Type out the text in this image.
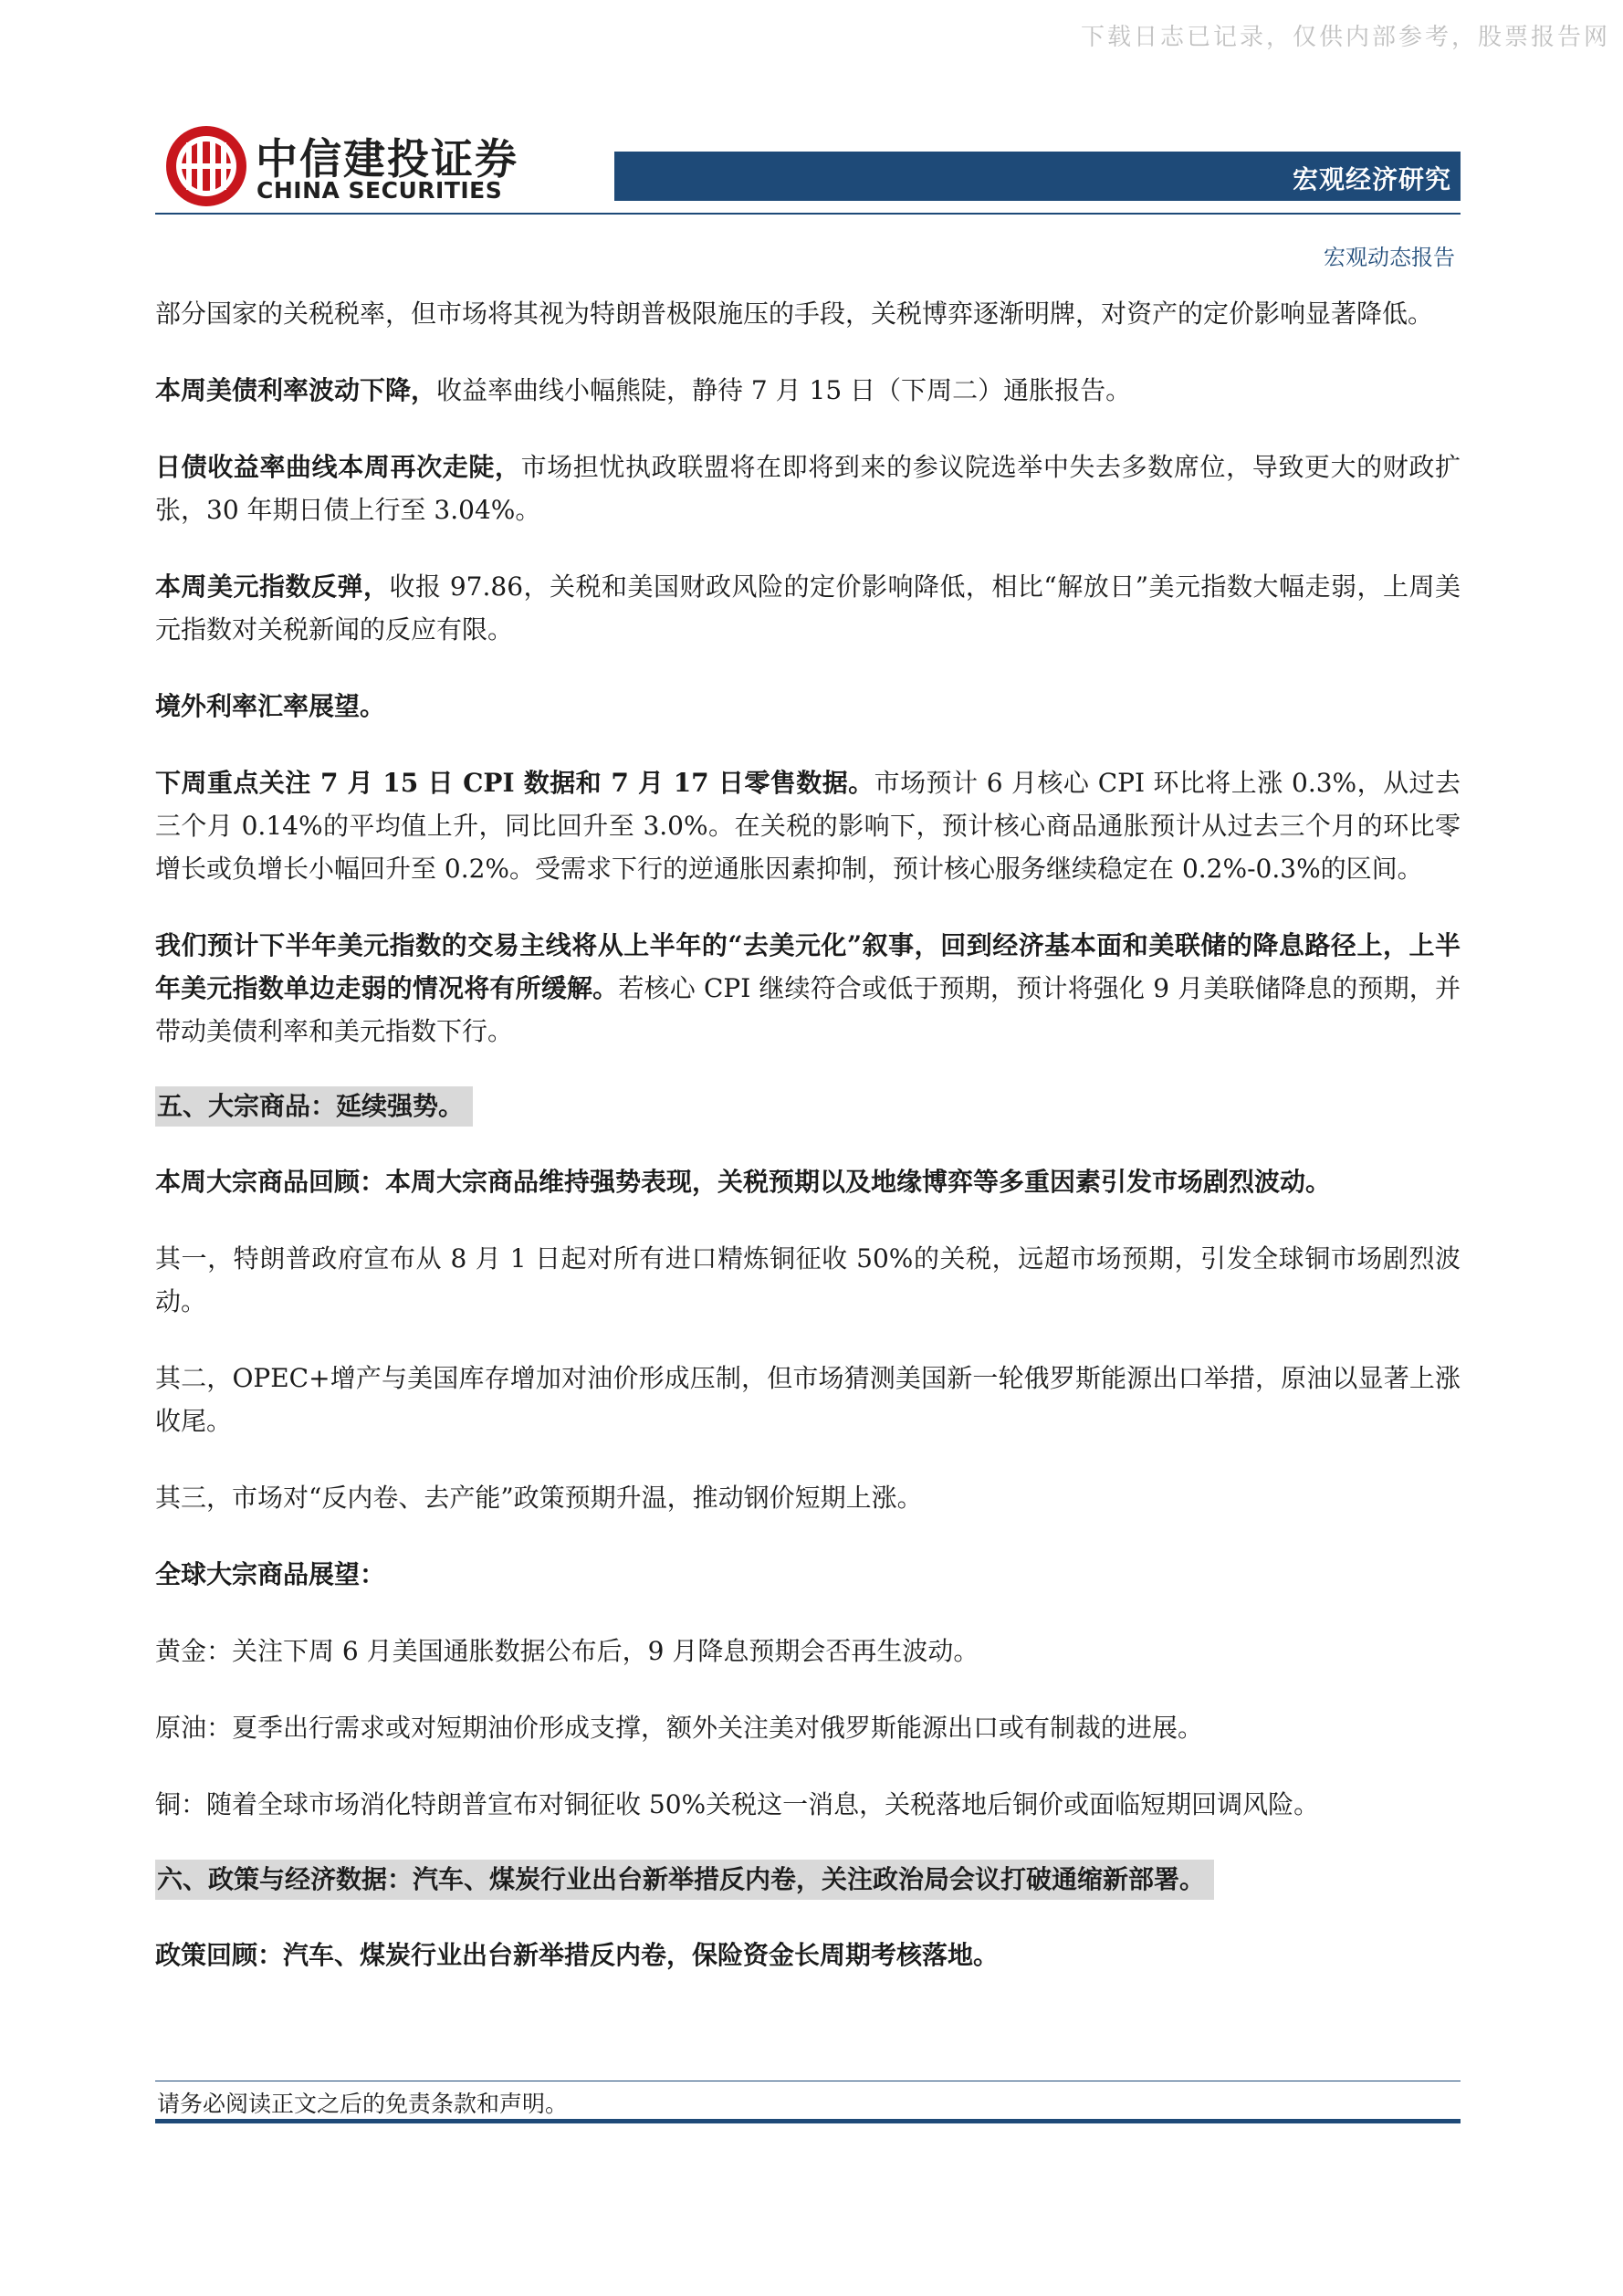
下载日志已记录，仅供内部参考，股票报告网
中信建投证券
CHINA SECURITIES	宏观经济研究
宏观动态报告

部分国家的关税税率，但市场将其视为特朗普极限施压的手段，关税博弈逐渐明牌，对资产的定价影响显著降低。

本周美债利率波动下降，收益率曲线小幅熊陡，静待 7 月 15 日（下周二）通胀报告。

日债收益率曲线本周再次走陡，市场担忧执政联盟将在即将到来的参议院选举中失去多数席位，导致更大的财政扩张，30 年期日债上行至 3.04%。

本周美元指数反弹，收报 97.86，关税和美国财政风险的定价影响降低，相比“解放日”美元指数大幅走弱，上周美元指数对关税新闻的反应有限。

境外利率汇率展望。

下周重点关注 7 月 15 日 CPI 数据和 7 月 17 日零售数据。市场预计 6 月核心 CPI 环比将上涨 0.3%，从过去三个月 0.14%的平均值上升，同比回升至 3.0%。在关税的影响下，预计核心商品通胀预计从过去三个月的环比零增长或负增长小幅回升至 0.2%。受需求下行的逆通胀因素抑制，预计核心服务继续稳定在 0.2%-0.3%的区间。

我们预计下半年美元指数的交易主线将从上半年的“去美元化”叙事，回到经济基本面和美联储的降息路径上，上半年美元指数单边走弱的情况将有所缓解。若核心 CPI 继续符合或低于预期，预计将强化 9 月美联储降息的预期，并带动美债利率和美元指数下行。

五、大宗商品：延续强势。

本周大宗商品回顾：本周大宗商品维持强势表现，关税预期以及地缘博弈等多重因素引发市场剧烈波动。

其一，特朗普政府宣布从 8 月 1 日起对所有进口精炼铜征收 50%的关税，远超市场预期，引发全球铜市场剧烈波动。

其二，OPEC+增产与美国库存增加对油价形成压制，但市场猜测美国新一轮俄罗斯能源出口举措，原油以显著上涨收尾。

其三，市场对“反内卷、去产能”政策预期升温，推动钢价短期上涨。

全球大宗商品展望：

黄金：关注下周 6 月美国通胀数据公布后，9 月降息预期会否再生波动。

原油：夏季出行需求或对短期油价形成支撑，额外关注美对俄罗斯能源出口或有制裁的进展。

铜：随着全球市场消化特朗普宣布对铜征收 50%关税这一消息，关税落地后铜价或面临短期回调风险。

六、政策与经济数据：汽车、煤炭行业出台新举措反内卷，关注政治局会议打破通缩新部署。

政策回顾：汽车、煤炭行业出台新举措反内卷，保险资金长周期考核落地。

请务必阅读正文之后的免责条款和声明。
